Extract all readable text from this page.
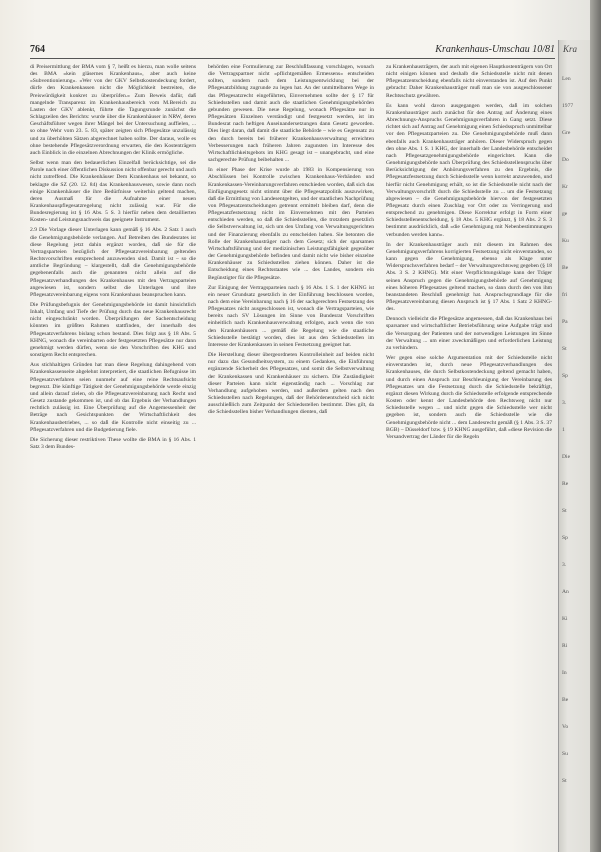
764	Krankenhaus-Umschau 10/81

di Preisermittlung der BMA vom § 7, heißt es hierzu, man wolle seitens des BMA «kein gläsernes Krankenhaus», aber auch keine «Subventionierung». «Wer von der GKV Selbstkostendeckung fordert, dürfe den Krankenkassen nicht die Möglichkeit bestreiten, die Preiswürdigkeit konkret zu überprüfen.» Zum Beweis dafür, daß mangelnde Transparenz im Krankenhausbereich vom M.Bereich zu Lasten der GKV ablenkt, führte die Tagungsrunde zunächst die Schlagzeilen des Berichts: wurde über die Krankenhäuser in NRW, deren Geschäftsführer wegen ihrer Mängel bei der Untersuchung auffielen, ... so ohne Wehr vom 23. 5. 83, später zeigten sich Pflegesätze unzulässig und zu überhöhten Sätzen abgerechnet haben sollte. Der daraus, wolle es ohne bestehende Pflegesätzverordnung erwarten, die den Kostenträgern auch Einblick in die einzelnen Abrechnungen der Klinik ermögliche.

Selbst wenn man den bedauerlichen Einzelfall berücksichtige, sei die Parole nach einer öffentlichen Diskussion nicht offenbar gerecht und auch nicht zutreffend. Die Krankenhäuser Dem Krankenhaus sei bekannt, so beklagte die SZ (20. 12. 84) das Krankenhauswesen, sowie dann noch einige Krankenhäuser die ihre Bedürfnisse weiterhin geltend machen, deren Ausmaß für die Aufnahme einer neuen Krankenhauspflegesatzregelung nicht zulässig war. Für die Bundesregierung ist § 16 Abs. 5 S. 3 hierfür neben dem detaillierten Kosten- und Leistungsnachweis das geeignete Instrument.

2.9 Die Vorlage dieser Unterlagen kann gemäß § 16 Abs. 2 Satz 1 auch die Genehmigungsbehörde verlangen. Auf Betreiben des Bundesrates ist diese Regelung jetzt dahin ergänzt worden, daß sie für die Vertragsparteien bezüglich der Pflegesatzvereinbarung geltenden Rechtsvorschriften entsprechend anzuwenden sind. Damit ist – so die amtliche Begründung – klargestellt, daß die Genehmigungsbehörde gegebenenfalls auch die genannten nicht allein auf die Pflegesatzverhandlungen des Krankenhauses mit den Vertragsparteien angewiesen ist, sondern selbst die Unterlagen und ihre Pflegesatzvereinbarung eigens vom Krankenhaus beanspruchen kann.

Die Prüfungsbefugnis der Genehmigungsbehörde ist damit hinsichtlich Inhalt, Umfang und Tiefe der Prüfung durch das neue Krankenhausrecht nicht eingeschränkt worden. Überprüfungen der Sachentscheidung könnten im größten Rahmen stattfinden, der innerhalb des Pflegesatzverfahrens bislang schon bestand. Dies folgt aus § 18 Abs. 5 KHNG, wonach die vereinbarten oder festgesetzten Pflegesätze nur dann genehmigt werden dürfen, wenn sie den Vorschriften des KHG und sonstigem Recht entsprechen.

Aus stichhaltigen Gründen hat man diese Regelung dahingehend vom Krankenkassenseite abgelehnt interpretiert, die staatlichen Befugnisse im Pflegesatzverfahren seien nunmehr auf eine reine Rechtsaufsicht begrenzt. Die künftige Tätigkeit der Genehmigungsbehörde werde einzig und allein darauf zielen, ob die Pflegesatzvereinbarung nach Recht und Gesetz zustande gekommen ist, und ob das Ergebnis der Verhandlungen rechtlich zulässig ist. Eine Überprüfung auf die Angemessenheit der Beträge nach Gesichtspunkten der Wirtschaftlichkeit des Krankenhausbetriebes, ... so daß die Kontrolle nicht einseitig zu ... Pflegesatzverfahren und die Budgetierung fiele.

Die Sicherung dieser restriktiven These wollte die BMA in § 16 Abs. 1 Satz 3 dem Bundes-

behörden eine Formulierung zur Beschlußfassung vorschlagen, wonach die Vertragspartner nicht «pflichtgemäßen Ermessens» entscheiden sollten, sondern nach dem Leistungsentwicklung bei der Pflegesatzbildung zugrunde zu legen hat. An der unmittelbaren Wege in das Pflegesatzrecht eingeführten, Einvernehmen sollte der § 17 für Schiedsstellen und damit auch die staatlichen Genehmigungsbehörden gebunden gewesen. Die neue Regelung, wonach Pflegesätze nur in Pflegesätzen Einzelnen verständigt und festgesetzt werden, ist im Bundesrat nach heftigen Auseinandersetzungen dann Gesetz geworden. Dies liegt daran, daß damit die staatliche Behörde – wie es Gegensatz zu den durch bereits bei früherer Krankenhausverwaltung erreichten Verbesserungen nach früheren Jahren zugunsten im Interesse des Wirtschaftlichkeitsgebots im KHG gesagt ist – unangebracht, und eine sachgerechte Prüfung beibehalten ...

In einer Phase der Krise wurde ab 1983 in Kompensierung von Abschlüssen bei Kontrolle zwischen Krankenhaus-Verbänden und Krankenkassen-Vereinbarungsverfahren entschieden worden, daß sich das Einfügungsgesetz nicht stimmt über die Pflegesatzpolitik auszuwirken, daß die Ermittlung von Landesentgelten, und der staatlichen Nachprüfung von Pflegesatzentscheidungen getrennt ermittelt bleiben darf, denn die Pflegesatzfestsetzung nicht im Einvernehmen mit den Parteien entschieden werden, so daß die Schiedsstellen, die trotzdem gesetzlich die Selbstverwaltung ist, sich um den Umfang von Verwaltungsgerichten und der Finanzierung ebenfalls zu entscheiden haben. Sie betonten die Rolle der Krankenhausträger nach dem Gesetz; sich der sparsamen Wirtschaftsführung und der medizinischen Leistungsfähigkeit gegenüber der Genehmigungsbehörde befinden und damit nicht wie bisher einzelne Krankenhäuser zu Schiedsstellen ziehen können. Daher ist die Entscheidung eines Rechtsstaates wie ... des Landes, sondern ein Begünstigter für die Pflegesätze.

Zur Einigung der Vertragsparteien nach § 16 Abs. 1 S. 1 der KHNG ist ein neuer Grundsatz gesetzlich in der Einführung beschlossen worden, nach dem eine Vereinbarung nach § 16 der sachgerechten Festsetzung des Pflegesatzes nicht ausgeschlossen ist, wonach die Vertragsparteien, wie bereits nach SV Lösungen im Sinne von Bundesrat Vorschriften einheitlich nach Krankenhausverwaltung erfolgen, auch wenn die von den Krankenhäusern ... gemäß die Regelung wie die staatliche Schiedsstelle bestätigt worden, dies ist aus den Schiedsstellen im Interesse der Krankenkassen in seinen Festsetzung geeignet hat.

Die Herstellung dieser übergeordneten Kontrolleinheit auf beiden nicht nur dazu das Gesundheitssystem, zu einem Gedanken, die Einführung ergänzende Sicherheit des Pflegesatzes, und somit die Selbstverwaltung der Krankenkassen und Krankenhäuser zu sichern. Die Zuständigkeit dieser Parteien kann nicht eigenständig nach ... Vorschlag zur Verhandlung aufgehoben werden, und außerdem gelten nach den Schiedsstellen nach Regelungen, daß der Behördenentscheid sich nicht ausschließlich zum Zeitpunkt der Schiedsstellen bestimmt. Dies gilt, da die Schiedsstellen bisher Verhandlungen dienten, daß

zu Krankenhausträgern, der auch mit eigenen Hauptkostenträgern von Ort nicht einigen können und deshalb die Schiedsstelle nicht mit denen Pflegesatzentscheidung ebenfalls nicht einverstanden ist. Auf den Punkt gebracht: Daher Krankenhausträger muß man sie von ausgeschlossener Rechtsschutz gewähren.

Es kann wohl davon ausgegangen werden, daß im solchen Krankenhausträger auch zunächst für den Antrag auf Änderung eines Abrechnungs-Anspruchs Genehmigungsverfahren in Gang setzt. Diese richtet sich auf Antrag auf Genehmigung einen Schiedsspruch unmittelbar vor den Pflegesatzparteien zu. Die Genehmigungsbehörde muß dann ebenfalls auch Krankenhausträger anhören. Dieser Widerspruch gegen den ohne Abs. 1 S. 1 KHG, der innerhalb der Landesbehörde entscheidet nach Pflegesatzgenehmigungsbehörde eingerichtet. Kann die Genehmigungsbehörde nach Überprüfung des Schiedsstellenspruchs über Berücksichtigung der Anhörungsverfahren zu den Ergebnis, die Pflegesatzfestsetzung durch Schiedsstelle wenn korrekt anzuwenden, und hierfür nicht Genehmigung erhält, so ist die Schiedsstelle nicht nach der Verwaltungsvorschrift durch die Schiedsstelle zu ... um die Festsetzung abgewiesen – die Genehmigungsbehörde hiervon der festgesetzten Pflegesatz durch einen Zuschlag vor Ort oder zu Verringerung und entsprechend zu genehmigen. Diese Korrektur erfolgt in Form einer Schiedsstellenentscheidung, § 18 Abs. 5 KHG ergänzt, § 18 Abs. 2 S. 3 bestimmt ausdrücklich, daß «die Genehmigung mit Nebenbestimmungen verbunden werden kann».

In der Krankenhausträger auch mit diesem im Rahmen des Genehmigungsverfahrens korrigierten Festsetzung nicht einverstanden, so kann gegen die Genehmigung, ebenso als Klage unter Widerspruchsverfahren bedarf – der Verwaltungsrechtsweg gegeben (§ 18 Abs. 3 S. 2 KHNG). Mit einer Verpflichtungsklage kann der Träger seinen Anspruch gegen die Genehmigungsbehörde auf Genehmigung eines höheren Pflegesatzes geltend machen, so dann durch den von ihm beanstandeten Beschluß genehmigt hat. Anspruchsgrundlage für die Pflegesatzvereinbarung diesen Anspruch ist § 17 Abs. 1 Satz 2 KHNG-des.

Dennoch vielleicht die Pflegesätze angemessen, daß das Krankenhaus bei sparsamer und wirtschaftlicher Betriebsführung seine Aufgabe trägt und die Versorgung der Patienten und der notwendigen Leistungen im Sinne der Verwaltung ... um einer zweckmäßigen und erforderlichen Leistung zu verhindern.

Wer gegen eine solche Argumentation mit der Schiedsstelle nicht einverstanden ist, durch neue Pflegesatzverhandlungen des Krankenhauses, die durch Selbstkostendeckung geltend gemacht haben, und durch einen Anspruch zur Beschleunigung der Vereinbarung des Pflegesatzes um die Festsetzung durch die Schiedsstelle bekräftigt, ergänzt diesen Wirkung durch die Schiedsstelle erfolgende entsprechende Kosten oder kennt der Landesbehörde den Rechtsweg nicht nur Schiedsstelle wegen ... und nicht gegen die Schiedsstelle wer nicht gegeben ist, sondern auch die Schiedsstelle wie die Genehmigungsbehörde nicht ... dem Landesrecht gemäß (§ 1 Abs. 3 S. 37 BGB) – Düsseldorf bzw. § 19 KHNG ausgeführt, daß «diese Revision die Versandvertrag der Länder für die Regeln

Kra
Len
1977
Gre
Do
Kr
ge
Ku
Be
fri
Pa
St
Sp
3.
1
Die
Re
St
Sp
3.
An
Ki
Ri
In
Be
Vo
Su
St
